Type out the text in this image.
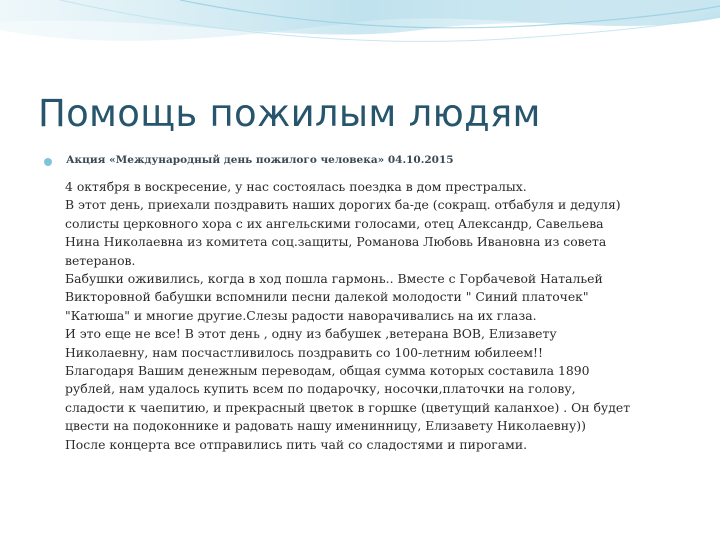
Помощь пожилым людям
Акция «Международный день пожилого человека» 04.10.2015
4 октября в воскресение, у нас состоялась поездка в дом престралых.
В этот день, приехали поздравить наших дорогих ба-де (сокращ. отбабуля и дедуля)
солисты церковного хора с их ангельскими голосами, отец Александр, Савельева
Нина Николаевна из комитета соц.защиты, Романова Любовь Ивановна из совета
ветеранов.
Бабушки оживились, когда в ход пошла гармонь.. Вместе с Горбачевой Натальей
Викторовной бабушки вспомнили песни далекой молодости " Синий платочек"
"Катюша" и многие другие.Слезы радости наворачивались на их глаза.
И это еще не все! В этот день , одну из бабушек ,ветерана ВОВ, Елизавету
Николаевну, нам посчастливилось поздравить со 100-летним юбилеем!!
Благодаря Вашим денежным переводам, общая сумма которых составила 1890
рублей, нам удалось купить всем по подарочку, носочки,платочки на голову,
сладости к чаепитию, и прекрасный цветок в горшке (цветущий каланхое) . Он будет
цвести на подоконнике и радовать нашу именинницу, Елизавету Николаевну))
После концерта все отправились пить чай со сладостями и пирогами.
